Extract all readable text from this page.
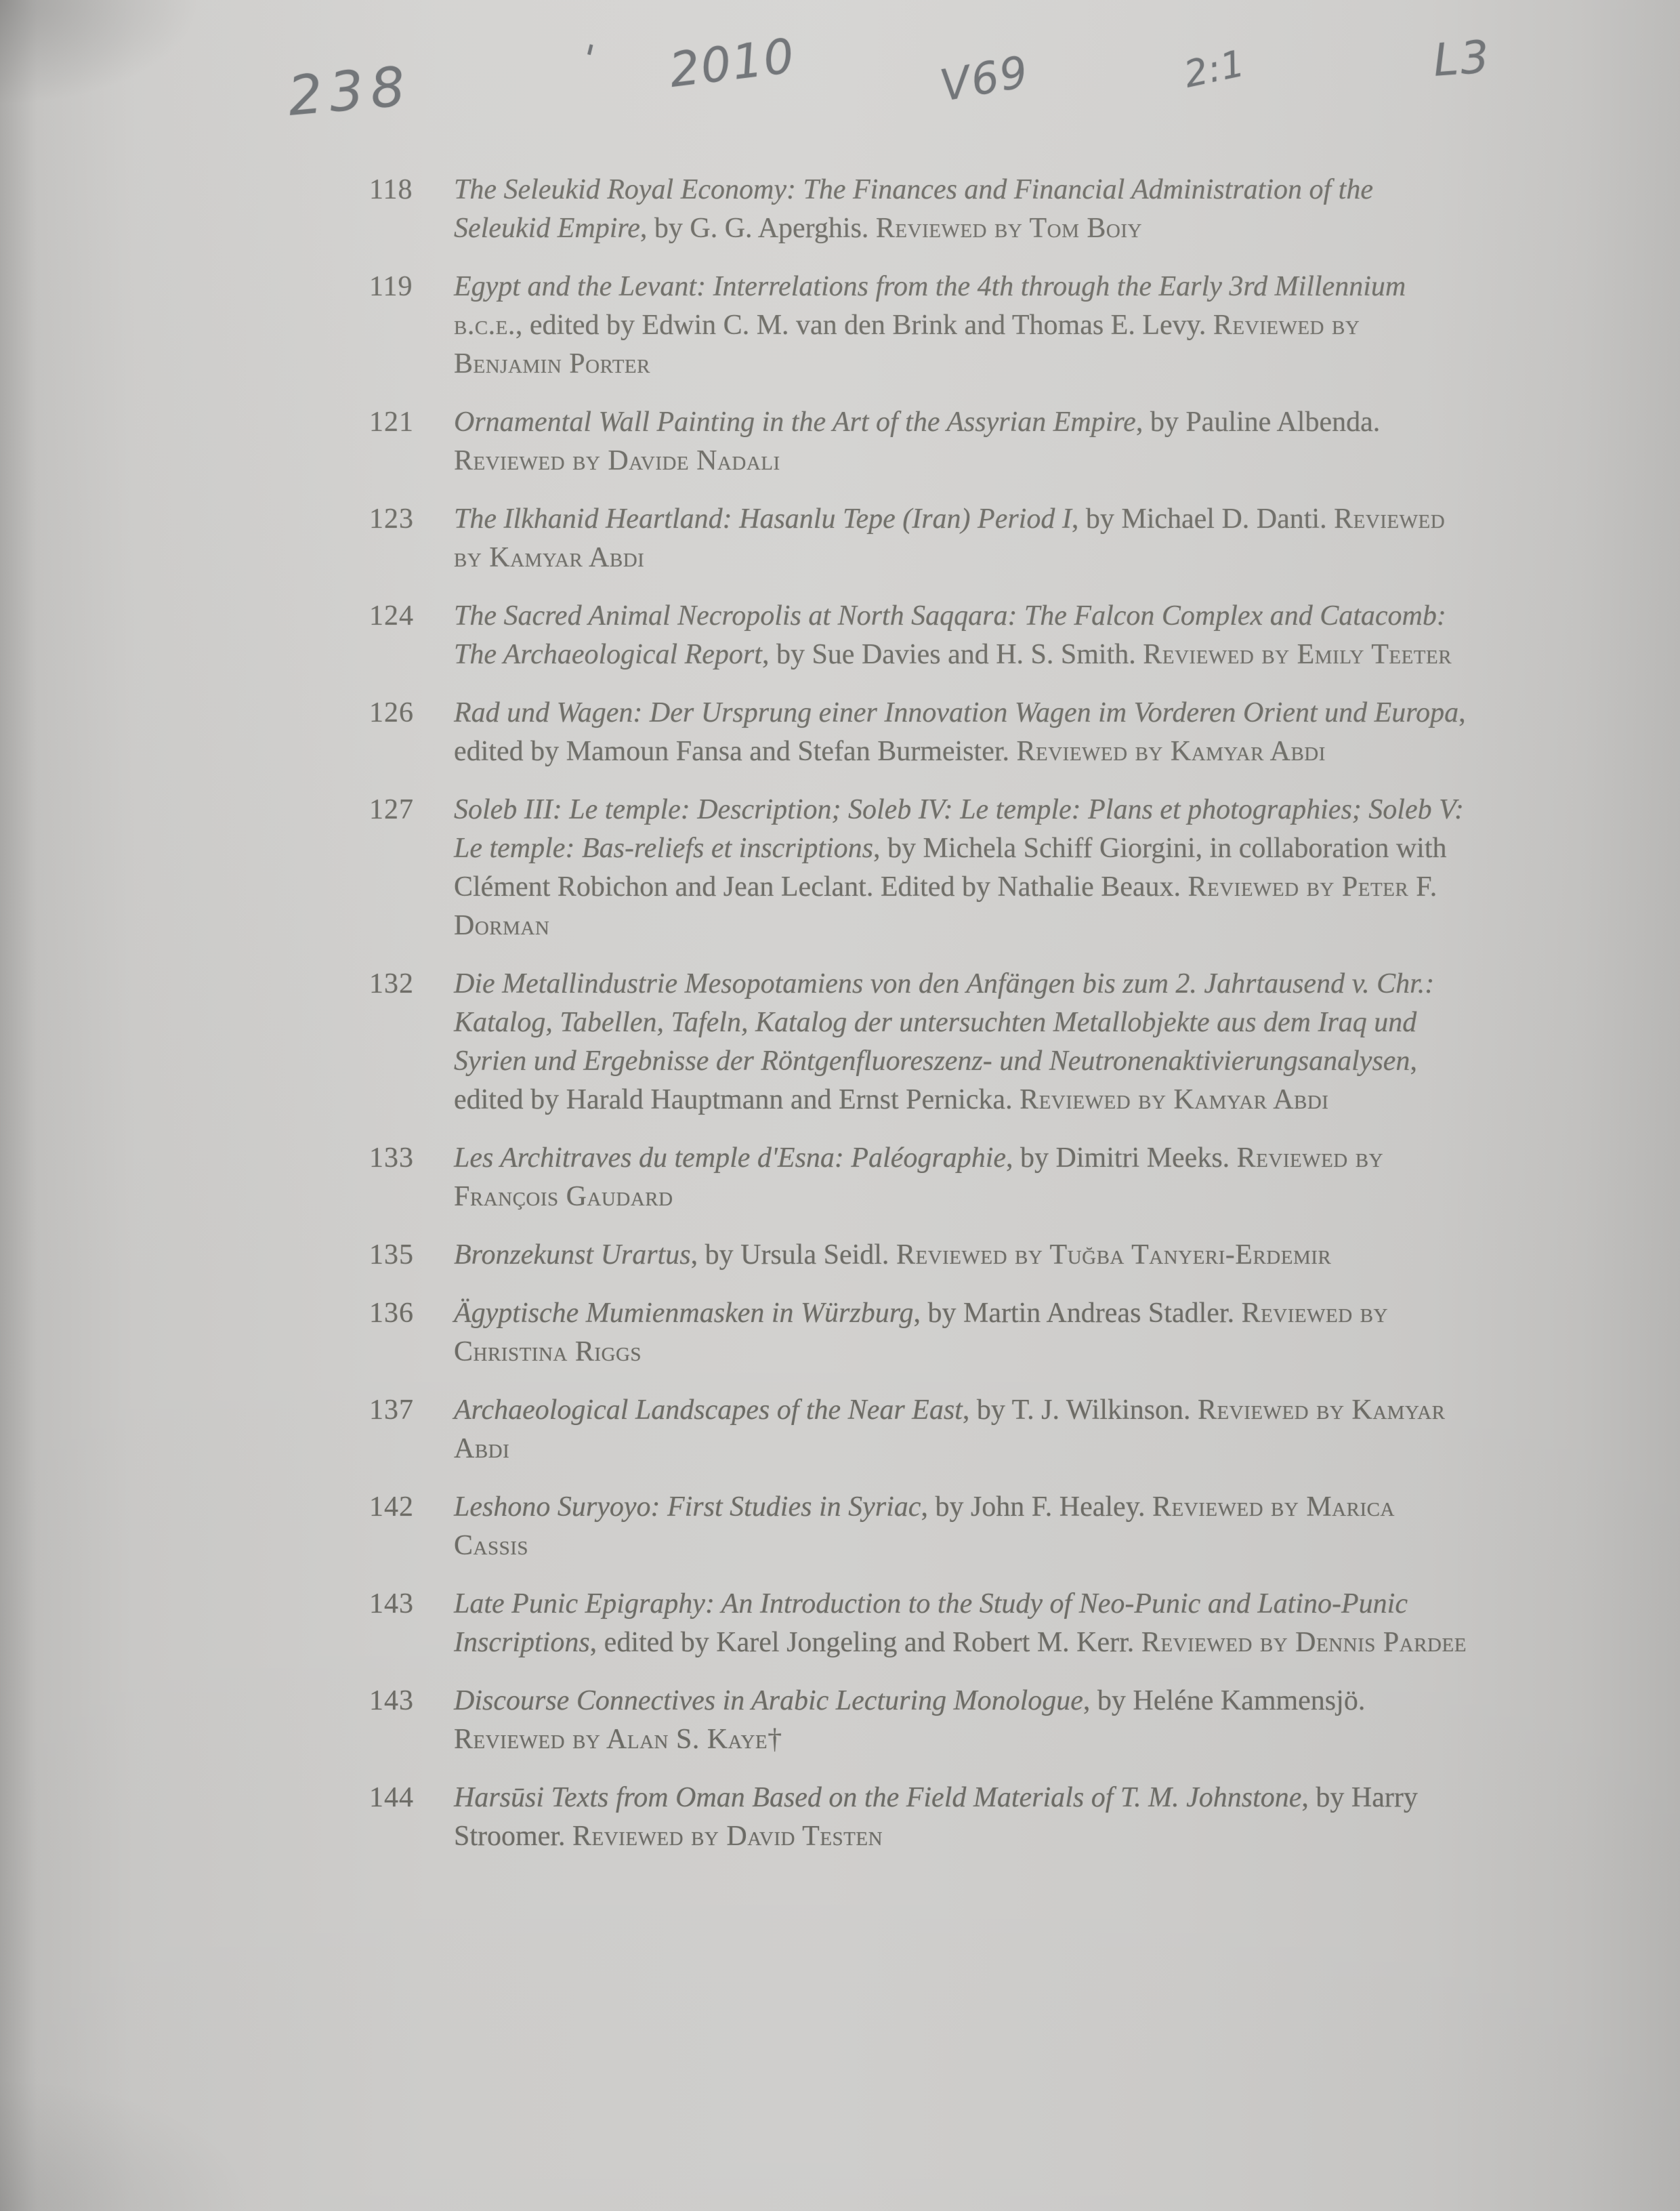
238	' 2010	V69	2:1	L3
118	The Seleukid Royal Economy: The Finances and Financial Administration of the Seleukid Empire, by G. G. Aperghis. Reviewed by Tom Boiy
119	Egypt and the Levant: Interrelations from the 4th through the Early 3rd Millennium b.c.e., edited by Edwin C. M. van den Brink and Thomas E. Levy. Reviewed by Benjamin Porter
121	Ornamental Wall Painting in the Art of the Assyrian Empire, by Pauline Albenda. Reviewed by Davide Nadali
123	The Ilkhanid Heartland: Hasanlu Tepe (Iran) Period I, by Michael D. Danti. Reviewed by Kamyar Abdi
124	The Sacred Animal Necropolis at North Saqqara: The Falcon Complex and Catacomb: The Archaeological Report, by Sue Davies and H. S. Smith. Reviewed by Emily Teeter
126	Rad und Wagen: Der Ursprung einer Innovation Wagen im Vorderen Orient und Europa, edited by Mamoun Fansa and Stefan Burmeister. Reviewed by Kamyar Abdi
127	Soleb III: Le temple: Description; Soleb IV: Le temple: Plans et photographies; Soleb V: Le temple: Bas-reliefs et inscriptions, by Michela Schiff Giorgini, in collaboration with Clément Robichon and Jean Leclant. Edited by Nathalie Beaux. Reviewed by Peter F. Dorman
132	Die Metallindustrie Mesopotamiens von den Anfängen bis zum 2. Jahrtausend v. Chr.: Katalog, Tabellen, Tafeln, Katalog der untersuchten Metallobjekte aus dem Iraq und Syrien und Ergebnisse der Röntgenfluoreszenz- und Neutronenaktivierungsanalysen, edited by Harald Hauptmann and Ernst Pernicka. Reviewed by Kamyar Abdi
133	Les Architraves du temple d'Esna: Paléographie, by Dimitri Meeks. Reviewed by François Gaudard
135	Bronzekunst Urartus, by Ursula Seidl. Reviewed by Tuğba Tanyeri-Erdemir
136	Ägyptische Mumienmasken in Würzburg, by Martin Andreas Stadler. Reviewed by Christina Riggs
137	Archaeological Landscapes of the Near East, by T. J. Wilkinson. Reviewed by Kamyar Abdi
142	Leshono Suryoyo: First Studies in Syriac, by John F. Healey. Reviewed by Marica Cassis
143	Late Punic Epigraphy: An Introduction to the Study of Neo-Punic and Latino-Punic Inscriptions, edited by Karel Jongeling and Robert M. Kerr. Reviewed by Dennis Pardee
143	Discourse Connectives in Arabic Lecturing Monologue, by Heléne Kammensjö. Reviewed by Alan S. Kaye†
144	Harsūsi Texts from Oman Based on the Field Materials of T. M. Johnstone, by Harry Stroomer. Reviewed by David Testen
